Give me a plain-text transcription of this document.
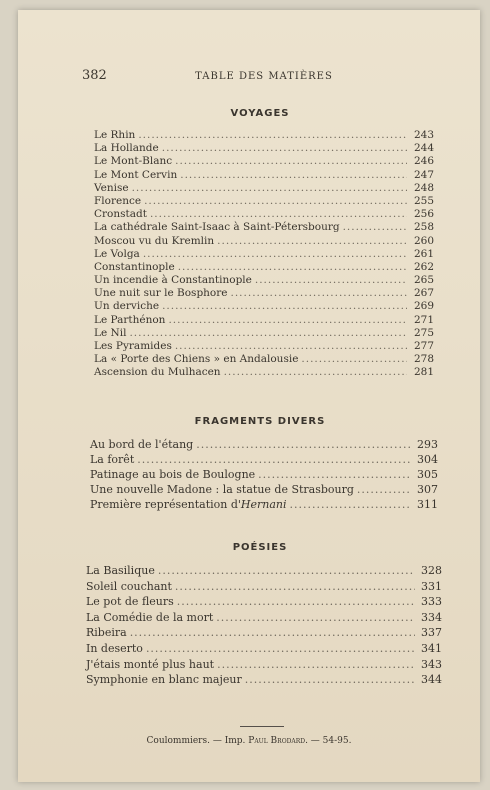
382	TABLE DES MATIÈRES
VOYAGES
Le Rhin .....	243
La Hollande .....	244
Le Mont-Blanc .....	246
Le Mont Cervin .....	247
Venise .....	248
Florence .....	255
Cronstadt .....	256
La cathédrale Saint-Isaac à Saint-Pétersbourg .....	258
Moscou vu du Kremlin .....	260
Le Volga .....	261
Constantinople .....	262
Un incendie à Constantinople .....	265
Une nuit sur le Bosphore .....	267
Un derviche .....	269
Le Parthénon .....	271
Le Nil .....	275
Les Pyramides .....	277
La « Porte des Chiens » en Andalousie .....	278
Ascension du Mulhacen .....	281
FRAGMENTS DIVERS
Au bord de l'étang .....	293
La forêt .....	304
Patinage au bois de Boulogne .....	305
Une nouvelle Madone : la statue de Strasbourg .....	307
Première représentation d'Hernani .....	311
POÉSIES
La Basilique .....	328
Soleil couchant .....	331
Le pot de fleurs .....	333
La Comédie de la mort .....	334
Ribeira .....	337
In deserto .....	341
J'étais monté plus haut .....	343
Symphonie en blanc majeur .....	344
Coulommiers. — Imp. Paul Brodard. — 54-95.
